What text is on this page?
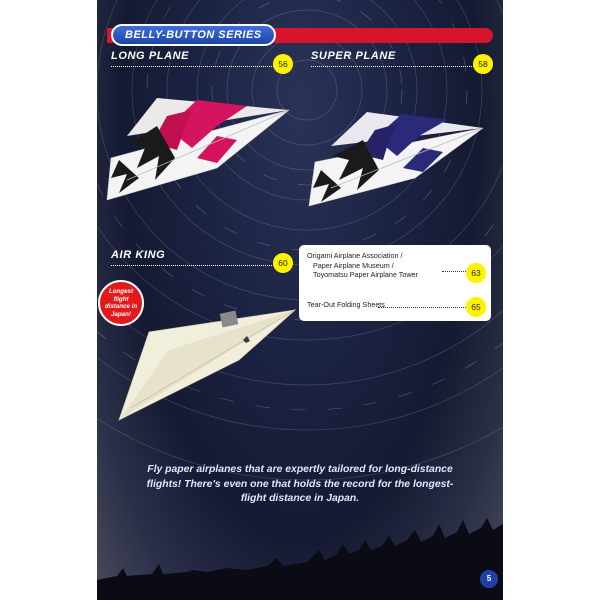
BELLY-BUTTON SERIES
LONG PLANE
56
SUPER PLANE
58
AIR KING
60
Longest flight distance in Japan!
Origami Airplane Association /
Paper Airplane Museum /
Toyomatsu Paper Airplane Tower	63
Tear-Out Folding Sheets	65
Fly paper airplanes that are expertly tailored for long-distance
flights! There's even one that holds the record for the longest-
flight distance in Japan.
5
